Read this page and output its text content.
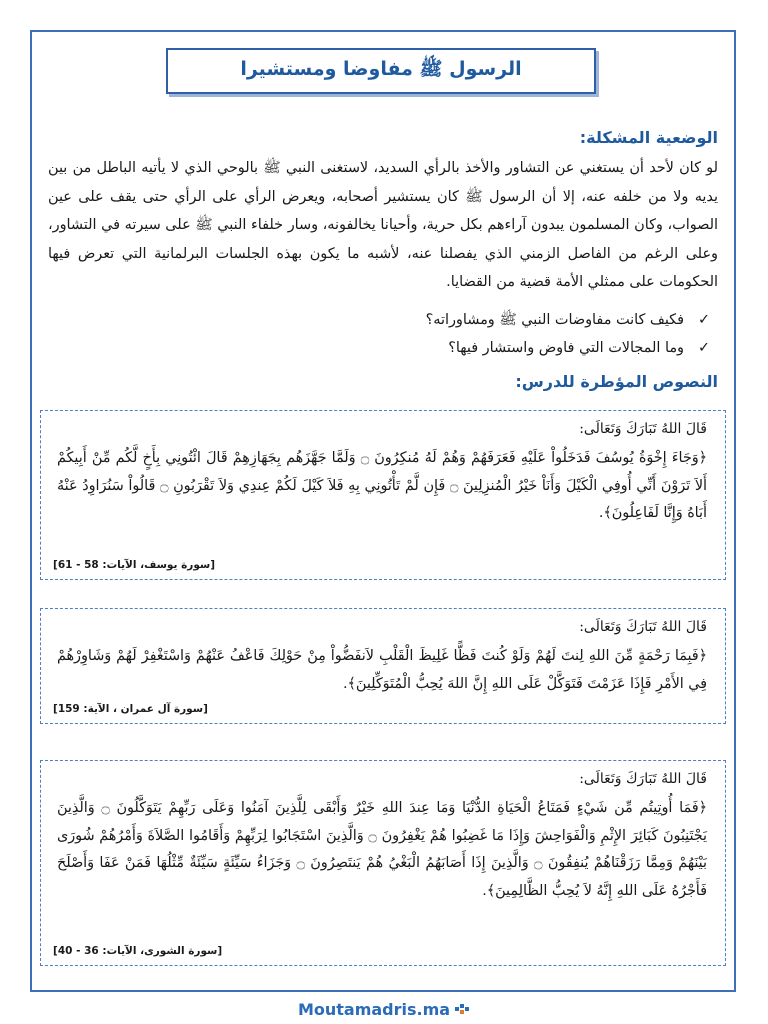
الرسول ﷺ مفاوضا ومستشيرا
الوضعية المشكلة:
لو كان لأحد أن يستغني عن التشاور والأخذ بالرأي السديد، لاستغنى النبي ﷺ بالوحي الذي لا يأتيه الباطل من بين يديه ولا من خلفه عنه، إلا أن الرسول ﷺ كان يستشير أصحابه، ويعرض الرأي على الرأي حتى يقف على عين الصواب، وكان المسلمون يبدون آراءهم بكل حرية، وأحيانا يخالفونه، وسار خلفاء النبي ﷺ على سيرته في التشاور، وعلى الرغم من الفاصل الزمني الذي يفصلنا عنه، لأشبه ما يكون بهذه الجلسات البرلمانية التي تعرض فيها الحكومات على ممثلي الأمة قضية من القضايا.
✓
فكيف كانت مفاوضات النبي ﷺ ومشاوراته؟
✓
وما المجالات التي فاوض واستشار فيها؟
النصوص المؤطرة للدرس:
قَالَ اللهُ تَبَارَكَ وَتَعَالَى:
﴿وَجَاءَ إِخْوَةُ يُوسُفَ فَدَخَلُواْ عَلَيْهِ فَعَرَفَهُمْ وَهُمْ لَهُ مُنكِرُونَ ۝ وَلَمَّا جَهَّزَهُم بِجَهَازِهِمْ قَالَ ائْتُونِي بِأَخٍ لَّكُم مِّنْ أَبِيكُمْ أَلاَ تَرَوْنَ أَنِّي أُوفِي الْكَيْلَ وَأَنَاْ خَيْرُ الْمُنزِلِينَ ۝ فَإِن لَّمْ تَأْتُونِي بِهِ فَلاَ كَيْلَ لَكُمْ عِندِي وَلاَ تَقْرَبُونِ ۝ قَالُواْ سَنُرَاوِدُ عَنْهُ أَبَاهُ وَإِنَّا لَفَاعِلُونَ﴾.
[سورة يوسف، الآيات: 58 - 61]
قَالَ اللهُ تَبَارَكَ وَتَعَالَى:
﴿فَبِمَا رَحْمَةٍ مِّنَ اللهِ لِنتَ لَهُمْ وَلَوْ كُنتَ فَظًّا غَلِيظَ الْقَلْبِ لاَنفَضُّواْ مِنْ حَوْلِكَ فَاعْفُ عَنْهُمْ وَاسْتَغْفِرْ لَهُمْ وَشَاوِرْهُمْ فِي الأَمْرِ فَإِذَا عَزَمْتَ فَتَوَكَّلْ عَلَى اللهِ إِنَّ اللهَ يُحِبُّ الْمُتَوَكِّلِينَ﴾.
[سورة آل عمران ، الآية: 159]
قَالَ اللهُ تَبَارَكَ وَتَعَالَى:
﴿فَمَا أُوتِيتُم مِّن شَيْءٍ فَمَتَاعُ الْحَيَاةِ الدُّنْيَا وَمَا عِندَ اللهِ خَيْرٌ وَأَبْقَى لِلَّذِينَ آمَنُوا وَعَلَى رَبِّهِمْ يَتَوَكَّلُونَ ۝ وَالَّذِينَ يَجْتَنِبُونَ كَبَائِرَ الإِثْمِ وَالْفَوَاحِشَ وَإِذَا مَا غَضِبُوا هُمْ يَغْفِرُونَ ۝ وَالَّذِينَ اسْتَجَابُوا لِرَبِّهِمْ وَأَقَامُوا الصَّلاَةَ وَأَمْرُهُمْ شُورَى بَيْنَهُمْ وَمِمَّا رَزَقْنَاهُمْ يُنفِقُونَ ۝ وَالَّذِينَ إِذَا أَصَابَهُمُ الْبَغْيُ هُمْ يَنتَصِرُونَ ۝ وَجَزَاءُ سَيِّئَةٍ سَيِّئَةٌ مِّثْلُهَا فَمَنْ عَفَا وَأَصْلَحَ فَأَجْرُهُ عَلَى اللهِ إِنَّهُ لاَ يُحِبُّ الظَّالِمِينَ﴾.
[سورة الشورى، الآيات: 36 - 40]
Moutamadris.ma
